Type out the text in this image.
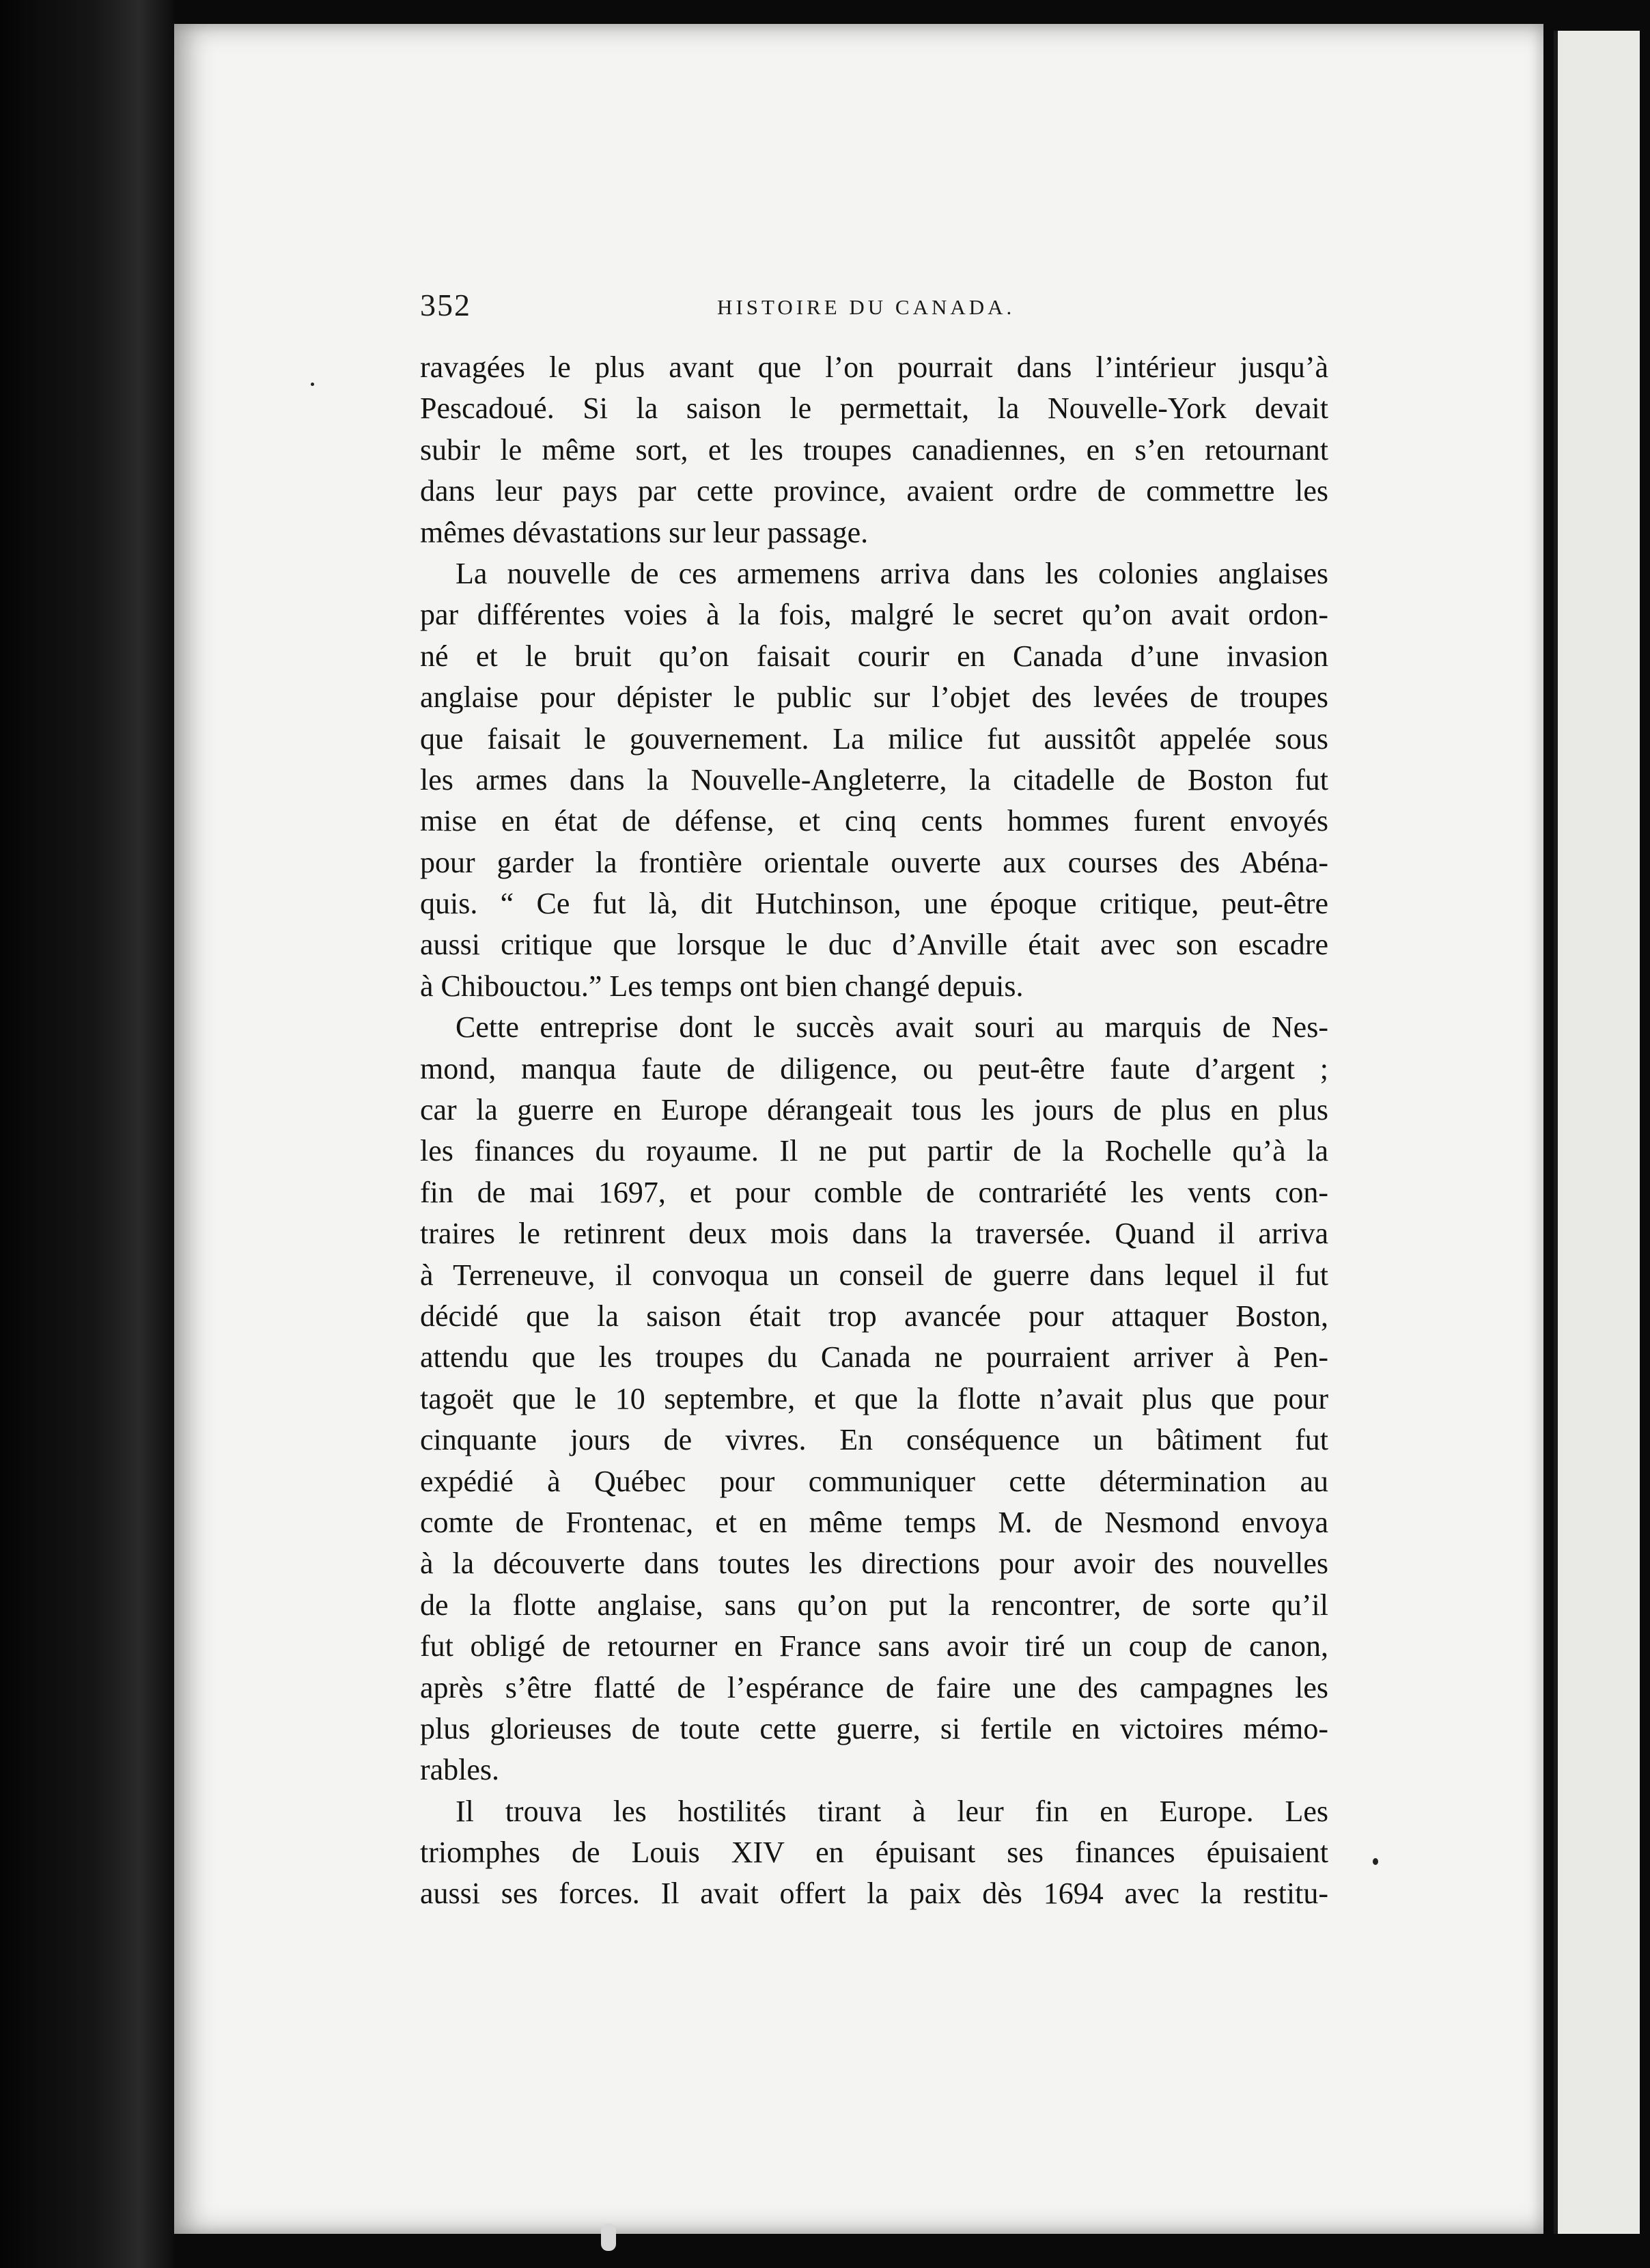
352	HISTOIRE DU CANADA.
ravagées le plus avant que l’on pourrait dans l’intérieur jusqu’à
Pescadoué. Si la saison le permettait, la Nouvelle-York devait
subir le même sort, et les troupes canadiennes, en s’en retournant
dans leur pays par cette province, avaient ordre de commettre les
mêmes dévastations sur leur passage.
La nouvelle de ces armemens arriva dans les colonies anglaises
par différentes voies à la fois, malgré le secret qu’on avait ordon-
né et le bruit qu’on faisait courir en Canada d’une invasion
anglaise pour dépister le public sur l’objet des levées de troupes
que faisait le gouvernement. La milice fut aussitôt appelée sous
les armes dans la Nouvelle-Angleterre, la citadelle de Boston fut
mise en état de défense, et cinq cents hommes furent envoyés
pour garder la frontière orientale ouverte aux courses des Abéna-
quis. “ Ce fut là, dit Hutchinson, une époque critique, peut-être
aussi critique que lorsque le duc d’Anville était avec son escadre
à Chibouctou.” Les temps ont bien changé depuis.
Cette entreprise dont le succès avait souri au marquis de Nes-
mond, manqua faute de diligence, ou peut-être faute d’argent ;
car la guerre en Europe dérangeait tous les jours de plus en plus
les finances du royaume. Il ne put partir de la Rochelle qu’à la
fin de mai 1697, et pour comble de contrariété les vents con-
traires le retinrent deux mois dans la traversée. Quand il arriva
à Terreneuve, il convoqua un conseil de guerre dans lequel il fut
décidé que la saison était trop avancée pour attaquer Boston,
attendu que les troupes du Canada ne pourraient arriver à Pen-
tagoët que le 10 septembre, et que la flotte n’avait plus que pour
cinquante jours de vivres. En conséquence un bâtiment fut
expédié à Québec pour communiquer cette détermination au
comte de Frontenac, et en même temps M. de Nesmond envoya
à la découverte dans toutes les directions pour avoir des nouvelles
de la flotte anglaise, sans qu’on put la rencontrer, de sorte qu’il
fut obligé de retourner en France sans avoir tiré un coup de canon,
après s’être flatté de l’espérance de faire une des campagnes les
plus glorieuses de toute cette guerre, si fertile en victoires mémo-
rables.
Il trouva les hostilités tirant à leur fin en Europe. Les
triomphes de Louis XIV en épuisant ses finances épuisaient
aussi ses forces. Il avait offert la paix dès 1694 avec la restitu-
